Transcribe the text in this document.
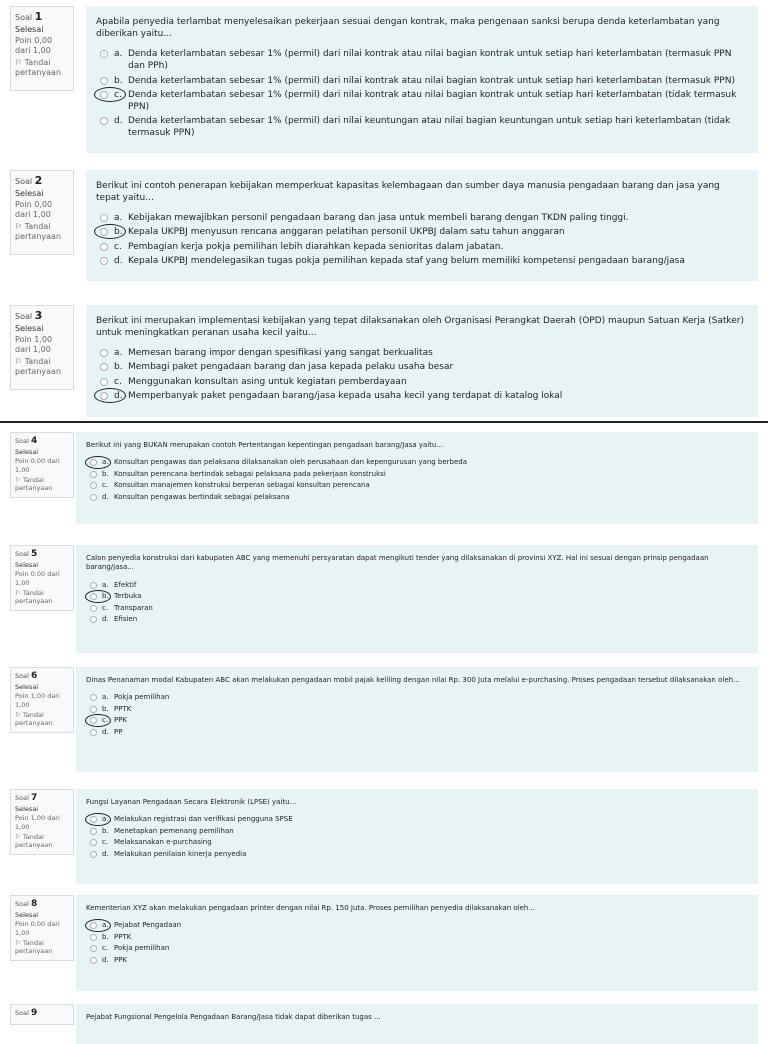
Soal 1
Selesai
Poin 0,00 dari 1,00
⚐ Tandai pertanyaan
Apabila penyedia terlambat menyelesaikan pekerjaan sesuai dengan kontrak, maka pengenaan sanksi berupa denda keterlambatan yang diberikan yaitu...
a. Denda keterlambatan sebesar 1% (permil) dari nilai kontrak atau nilai bagian kontrak untuk setiap hari keterlambatan (termasuk PPN dan PPh)
b. Denda keterlambatan sebesar 1% (permil) dari nilai kontrak atau nilai bagian kontrak untuk setiap hari keterlambatan (termasuk PPN)
c. Denda keterlambatan sebesar 1% (permil) dari nilai kontrak atau nilai bagian kontrak untuk setiap hari keterlambatan (tidak termasuk PPN)
d. Denda keterlambatan sebesar 1% (permil) dari nilai keuntungan atau nilai bagian keuntungan untuk setiap hari keterlambatan (tidak termasuk PPN)
Soal 2
Selesai
Poin 0,00 dari 1,00
⚐ Tandai pertanyaan
Berikut ini contoh penerapan kebijakan memperkuat kapasitas kelembagaan dan sumber daya manusia pengadaan barang dan jasa yang tepat yaitu...
a. Kebijakan mewajibkan personil pengadaan barang dan jasa untuk membeli barang dengan TKDN paling tinggi.
b. Kepala UKPBJ menyusun rencana anggaran pelatihan personil UKPBJ dalam satu tahun anggaran
c. Pembagian kerja pokja pemilihan lebih diarahkan kepada senioritas dalam jabatan.
d. Kepala UKPBJ mendelegasikan tugas pokja pemilihan kepada staf yang belum memiliki kompetensi pengadaan barang/jasa
Soal 3
Selesai
Poin 1,00 dari 1,00
⚐ Tandai pertanyaan
Berikut ini merupakan implementasi kebijakan yang tepat dilaksanakan oleh Organisasi Perangkat Daerah (OPD) maupun Satuan Kerja (Satker) untuk meningkatkan peranan usaha kecil yaitu...
a. Memesan barang impor dengan spesifikasi yang sangat berkualitas
b. Membagi paket pengadaan barang dan jasa kepada pelaku usaha besar
c. Menggunakan konsultan asing untuk kegiatan pemberdayaan
d. Memperbanyak paket pengadaan barang/jasa kepada usaha kecil yang terdapat di katalog lokal
Soal 4
Selesai
Poin 0,00 dari 1,00
⚐ Tandai pertanyaan
Berikut ini yang BUKAN merupakan contoh Pertentangan kepentingan pengadaan barang/Jasa yaitu...
a. Konsultan pengawas dan pelaksana dilaksanakan oleh perusahaan dan kepengurusan yang berbeda
b. Konsultan perencana bertindak sebagai pelaksana pada pekerjaan konstruksi
c. Konsultan manajemen konstruksi berperan sebagai konsultan perencana
d. Konsultan pengawas bertindak sebagai pelaksana
Soal 5
Selesai
Poin 0,00 dari 1,00
⚐ Tandai pertanyaan
Calon penyedia konstruksi dari kabupaten ABC yang memenuhi persyaratan dapat mengikuti tender yang dilaksanakan di provinsi XYZ. Hal ini sesuai dengan prinsip pengadaan barang/jasa...
a. Efektif
b. Terbuka
c. Transparan
d. Efisien
Soal 6
Selesai
Poin 1,00 dari 1,00
⚐ Tandai pertanyaan
Dinas Penanaman modal Kabupaten ABC akan melakukan pengadaan mobil pajak keliling dengan nilai Rp. 300 Juta melalui e-purchasing. Proses pengadaan tersebut dilaksanakan oleh...
a. Pokja pemilihan
b. PPTK
c. PPK
d. PP
Soal 7
Selesai
Poin 1,00 dari 1,00
⚐ Tandai pertanyaan
Fungsi Layanan Pengadaan Secara Elektronik (LPSE) yaitu...
a. Melakukan registrasi dan verifikasi pengguna SPSE
b. Menetapkan pemenang pemilihan
c. Melaksanakan e-purchasing
d. Melakukan penilaian kinerja penyedia
Soal 8
Selesai
Poin 0,00 dari 1,00
⚐ Tandai pertanyaan
Kementerian XYZ akan melakukan pengadaan printer dengan nilai Rp. 150 Juta. Proses pemilihan penyedia dilaksanakan oleh...
a. Pejabat Pengadaan
b. PPTK
c. Pokja pemilihan
d. PPK
Soal 9	Pejabat Fungsional Pengelola Pengadaan Barang/Jasa tidak dapat diberikan tugas ...
